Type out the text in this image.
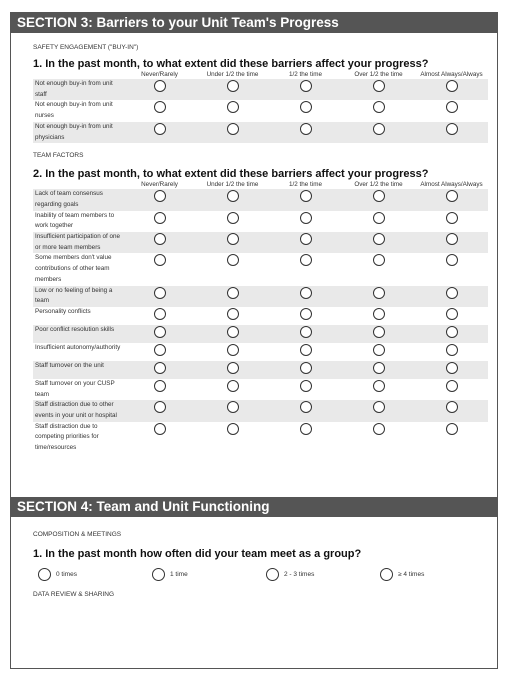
SECTION 3: Barriers to your Unit Team's Progress
SAFETY ENGAGEMENT ("BUY-IN")
1. In the past month, to what extent did these barriers affect your progress?
	Never/Rarely	Under 1/2 the time	1/2 the time	Over 1/2 the time	Almost Always/Always
Not enough buy-in from unit staff					
Not enough buy-in from unit nurses					
Not enough buy-in from unit physicians					
TEAM FACTORS
2. In the past month, to what extent did these barriers affect your progress?
	Never/Rarely	Under 1/2 the time	1/2 the time	Over 1/2 the time	Almost Always/Always
Lack of team consensus regarding goals					
Inability of team members to work together					
Insufficient participation of one or more team members					
Some members don't value contributions of other team members					
Low or no feeling of being a team					
Personality conflicts					
Poor conflict resolution skills					
Insufficient autonomy/authority					
Staff turnover on the unit					
Staff turnover on your CUSP team					
Staff distraction due to other events in your unit or hospital					
Staff distraction due to competing priorities for time/resources					
SECTION 4: Team and Unit Functioning
COMPOSITION & MEETINGS
1. In the past month how often did your team meet as a group?
0 times	1 time	2 - 3 times	≥ 4 times
DATA REVIEW & SHARING
